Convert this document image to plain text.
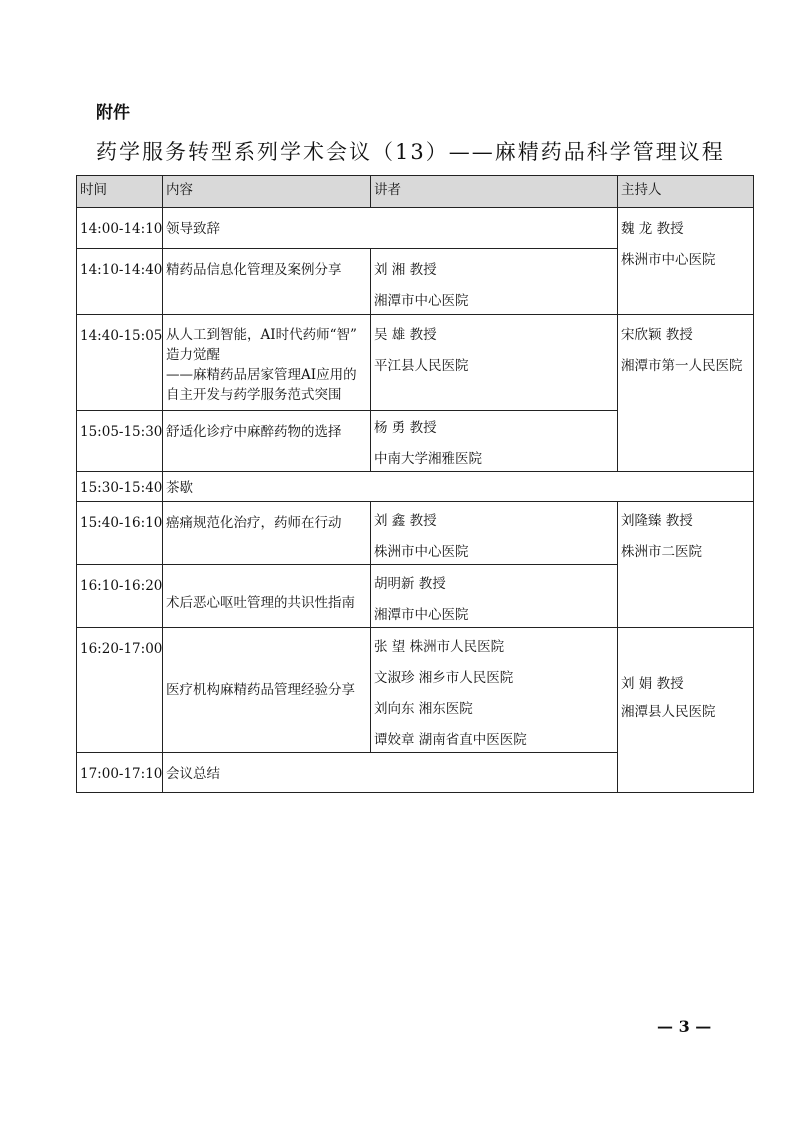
附件
药学服务转型系列学术会议（13）——麻精药品科学管理议程
时间	内容	讲者	主持人

14:00-14:10	领导致辞		魏 龙 教授
株洲市中心医院

14:10-14:40	精药品信息化管理及案例分享	刘 湘 教授
湘潭市中心医院	

14:40-15:05	从人工到智能，AI时代药师“智”
造力觉醒
——麻精药品居家管理AI应用的
自主开发与药学服务范式突围	吴 雄 教授
平江县人民医院	宋欣颖 教授
湘潭市第一人民医院

15:05-15:30	舒适化诊疗中麻醉药物的选择	杨 勇 教授
中南大学湘雅医院	

15:30-15:40	茶歇		

15:40-16:10	癌痛规范化治疗，药师在行动	刘 鑫 教授
株洲市中心医院	刘隆臻 教授
株洲市二医院

16:10-16:20	术后恶心呕吐管理的共识性指南	胡明新 教授
湘潭市中心医院	

16:20-17:00	医疗机构麻精药品管理经验分享	张 望 株洲市人民医院
文淑珍 湘乡市人民医院
刘向东 湘东医院
谭姣章 湖南省直中医医院	刘 娟 教授
湘潭县人民医院

17:00-17:10	会议总结		
— 3 —
